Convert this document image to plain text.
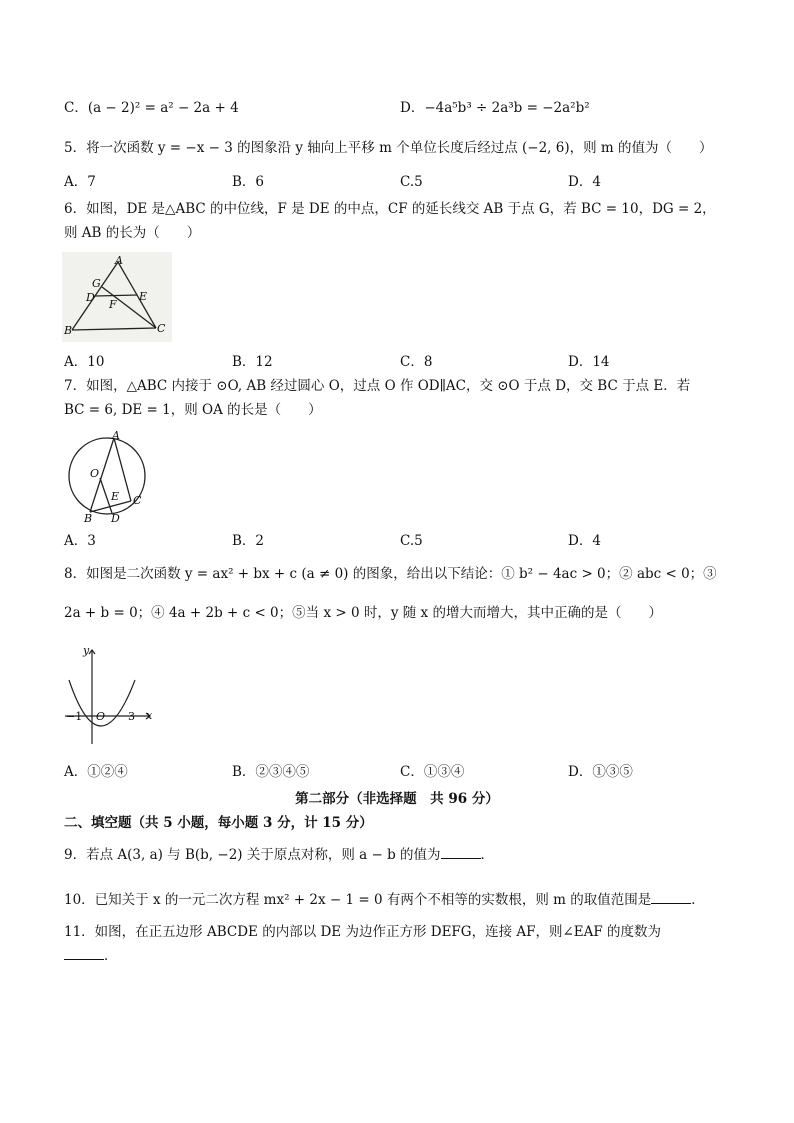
C．(a − 2)² = a² − 2a + 4	D．−4a⁵b³ ÷ 2a³b = −2a²b²
5．将一次函数 y = −x − 3 的图象沿 y 轴向上平移 m 个单位长度后经过点 (−2, 6)，则 m 的值为（　　）
A．7	B．6	C.5	D．4
6．如图，DE 是△ABC 的中位线，F 是 DE 的中点，CF 的延长线交 AB 于点 G，若 BC = 10，DG = 2，
则 AB 的长为（　　）
A
G
D	E
F
B	C
A．10	B．12	C．8	D．14
7．如图，△ABC 内接于 ⊙O, AB 经过圆心 O，过点 O 作 OD∥AC，交 ⊙O 于点 D，交 BC 于点 E．若
BC = 6, DE = 1，则 OA 的长是（　　）
A
O
E C
B D
A．3	B．2	C.5	D．4
8．如图是二次函数 y = ax² + bx + c (a ≠ 0) 的图象，给出以下结论：① b² − 4ac > 0；② abc < 0；③
2a + b = 0；④ 4a + 2b + c < 0；⑤当 x > 0 时，y 随 x 的增大而增大，其中正确的是（　　）
y
x
−1 O 3
A．①②④	B．②③④⑤	C．①③④	D．①③⑤
第二部分（非选择题　共 96 分）
二、填空题（共 5 小题，每小题 3 分，计 15 分）
9．若点 A(3, a) 与 B(b, −2) 关于原点对称，则 a − b 的值为	．
10．已知关于 x 的一元二次方程 mx² + 2x − 1 = 0 有两个不相等的实数根，则 m 的取值范围是	．
11．如图，在正五边形 ABCDE 的内部以 DE 为边作正方形 DEFG，连接 AF，则∠EAF 的度数为
．
